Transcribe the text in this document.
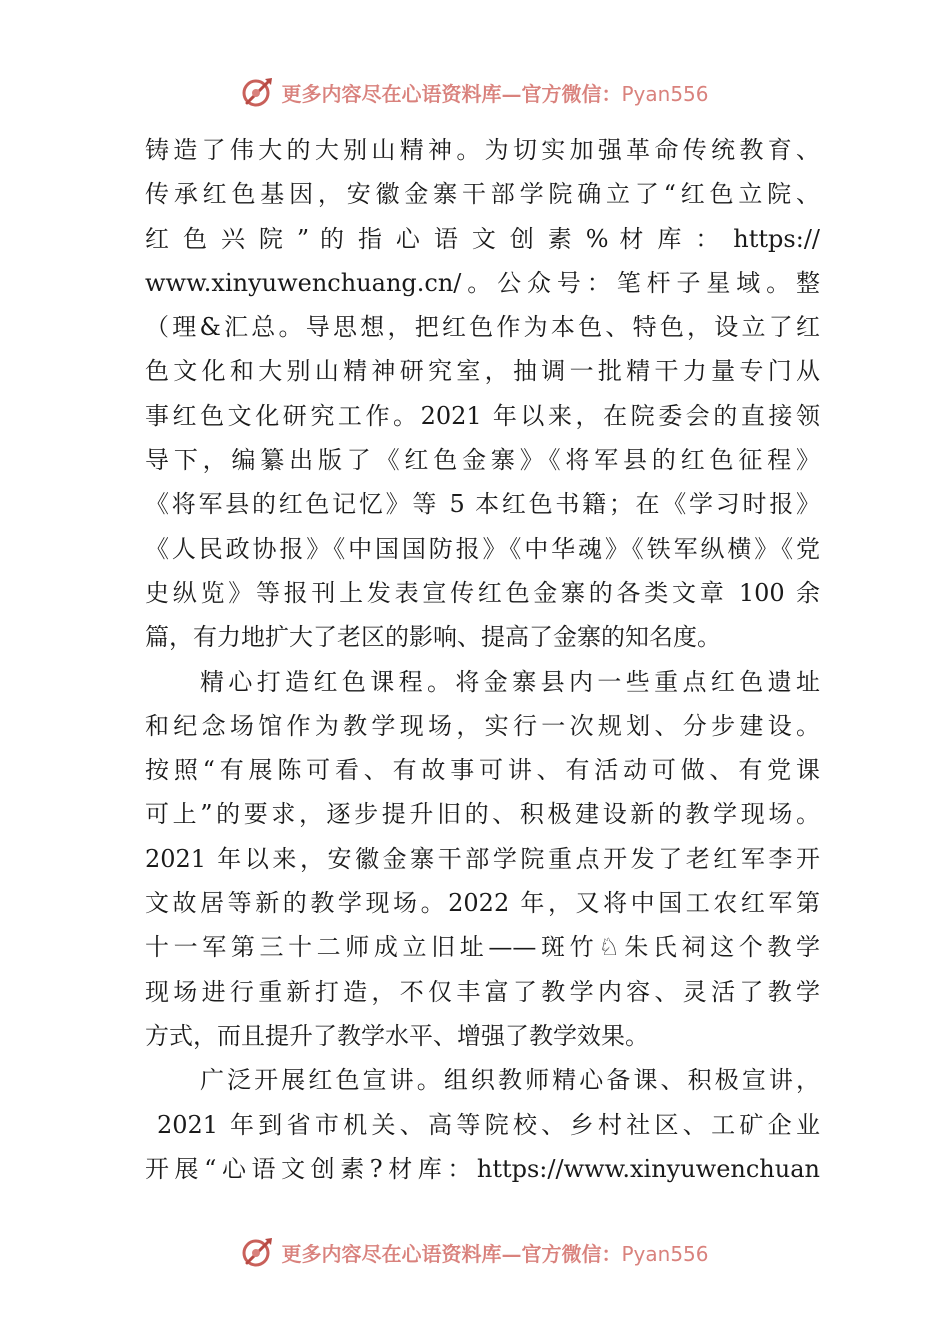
更多内容尽在心语资料库—官方微信：Pyan556
铸造了伟大的大别山精神。为切实加强革命传统教育、
传承红色基因，安徽金寨干部学院确立了“红色立院、
红 色 兴 院 ” 的 指 心 语 文 创 素 % 材 库 ： https://
www.xinyuwenchuang.cn/。公众号：笔杆子星域。整
（理&汇总。导思想，把红色作为本色、特色，设立了红
色文化和大别山精神研究室，抽调一批精干力量专门从
事红色文化研究工作。2021 年以来，在院委会的直接领
导下，编纂出版了《红色金寨》《将军县的红色征程》
《将军县的红色记忆》等 5 本红色书籍；在《学习时报》
《人民政协报》《中国国防报》《中华魂》《铁军纵横》《党
史纵览》等报刊上发表宣传红色金寨的各类文章 100 余
篇，有力地扩大了老区的影响、提高了金寨的知名度。
精心打造红色课程。将金寨县内一些重点红色遗址
和纪念场馆作为教学现场，实行一次规划、分步建设。
按照“有展陈可看、有故事可讲、有活动可做、有党课
可上”的要求，逐步提升旧的、积极建设新的教学现场。
2021 年以来，安徽金寨干部学院重点开发了老红军李开
文故居等新的教学现场。2022 年，又将中国工农红军第
十一军第三十二师成立旧址——斑竹♘朱氏祠这个教学
现场进行重新打造，不仅丰富了教学内容、灵活了教学
方式，而且提升了教学水平、增强了教学效果。
广泛开展红色宣讲。组织教师精心备课、积极宣讲，
2021 年到省市机关、高等院校、乡村社区、工矿企业
开展“心语文创素?材库：https://www.xinyuwenchuan
更多内容尽在心语资料库—官方微信：Pyan556
